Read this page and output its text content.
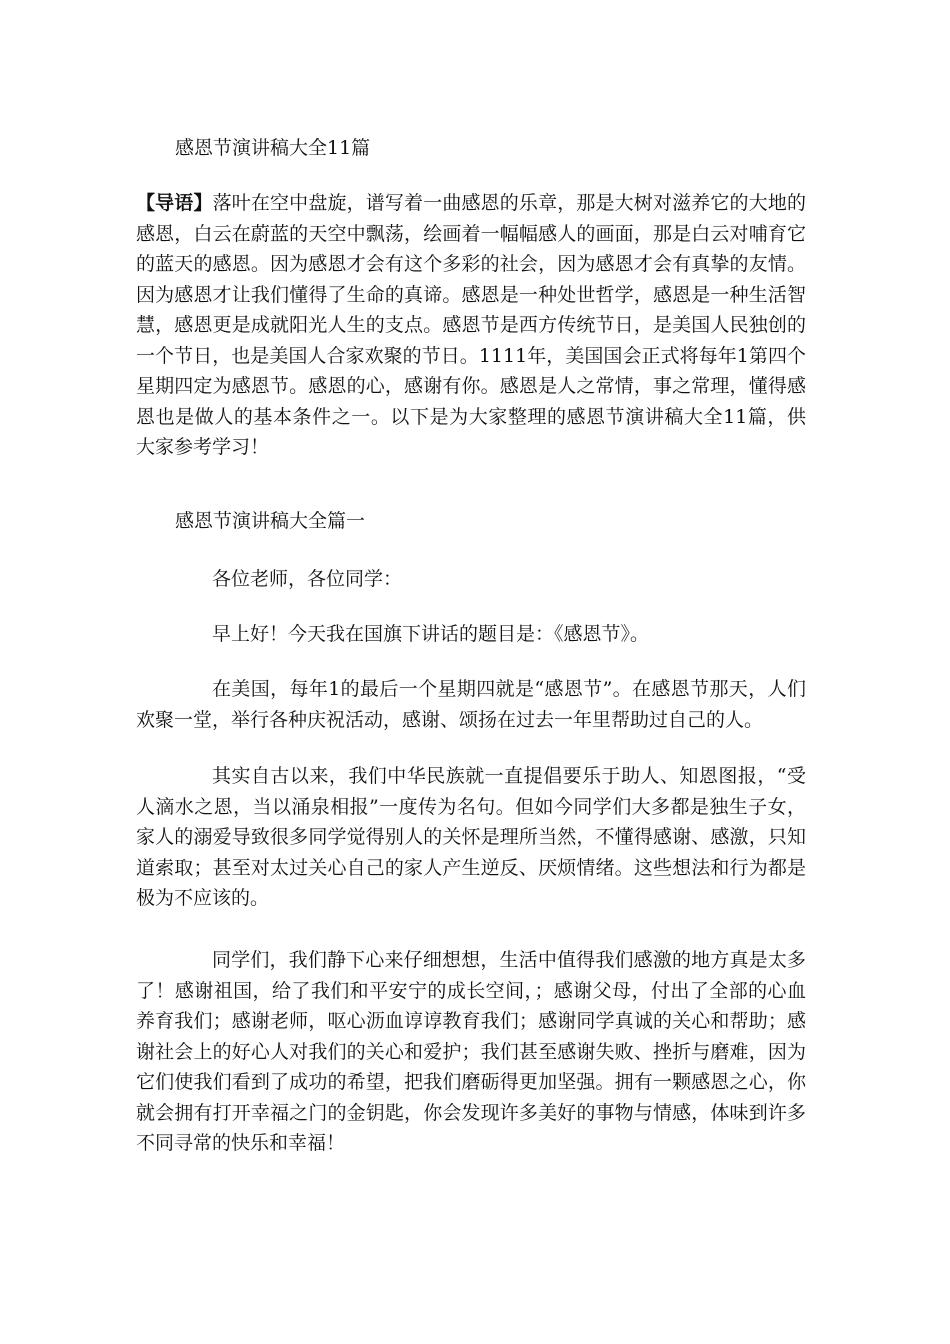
感恩节演讲稿大全11篇
【导语】落叶在空中盘旋，谱写着一曲感恩的乐章，那是大树对滋养它的大地的感恩，白云在蔚蓝的天空中飘荡，绘画着一幅幅感人的画面，那是白云对哺育它的蓝天的感恩。因为感恩才会有这个多彩的社会，因为感恩才会有真挚的友情。因为感恩才让我们懂得了生命的真谛。感恩是一种处世哲学，感恩是一种生活智慧，感恩更是成就阳光人生的支点。感恩节是西方传统节日，是美国人民独创的一个节日，也是美国人合家欢聚的节日。1111年，美国国会正式将每年1第四个星期四定为感恩节。感恩的心，感谢有你。感恩是人之常情，事之常理，懂得感恩也是做人的基本条件之一。以下是为大家整理的感恩节演讲稿大全11篇，供大家参考学习！
感恩节演讲稿大全篇一
各位老师，各位同学：
早上好！今天我在国旗下讲话的题目是：《感恩节》。
在美国，每年1的最后一个星期四就是“感恩节”。在感恩节那天，人们欢聚一堂，举行各种庆祝活动，感谢、颂扬在过去一年里帮助过自己的人。
其实自古以来，我们中华民族就一直提倡要乐于助人、知恩图报，“受人滴水之恩，当以涌泉相报”一度传为名句。但如今同学们大多都是独生子女，家人的溺爱导致很多同学觉得别人的关怀是理所当然，不懂得感谢、感激，只知道索取；甚至对太过关心自己的家人产生逆反、厌烦情绪。这些想法和行为都是极为不应该的。
同学们，我们静下心来仔细想想，生活中值得我们感激的地方真是太多了！感谢祖国，给了我们和平安宁的成长空间，；感谢父母，付出了全部的心血养育我们；感谢老师，呕心沥血谆谆教育我们；感谢同学真诚的关心和帮助；感谢社会上的好心人对我们的关心和爱护；我们甚至感谢失败、挫折与磨难，因为它们使我们看到了成功的希望，把我们磨砺得更加坚强。拥有一颗感恩之心，你就会拥有打开幸福之门的金钥匙，你会发现许多美好的事物与情感，体味到许多不同寻常的快乐和幸福！
